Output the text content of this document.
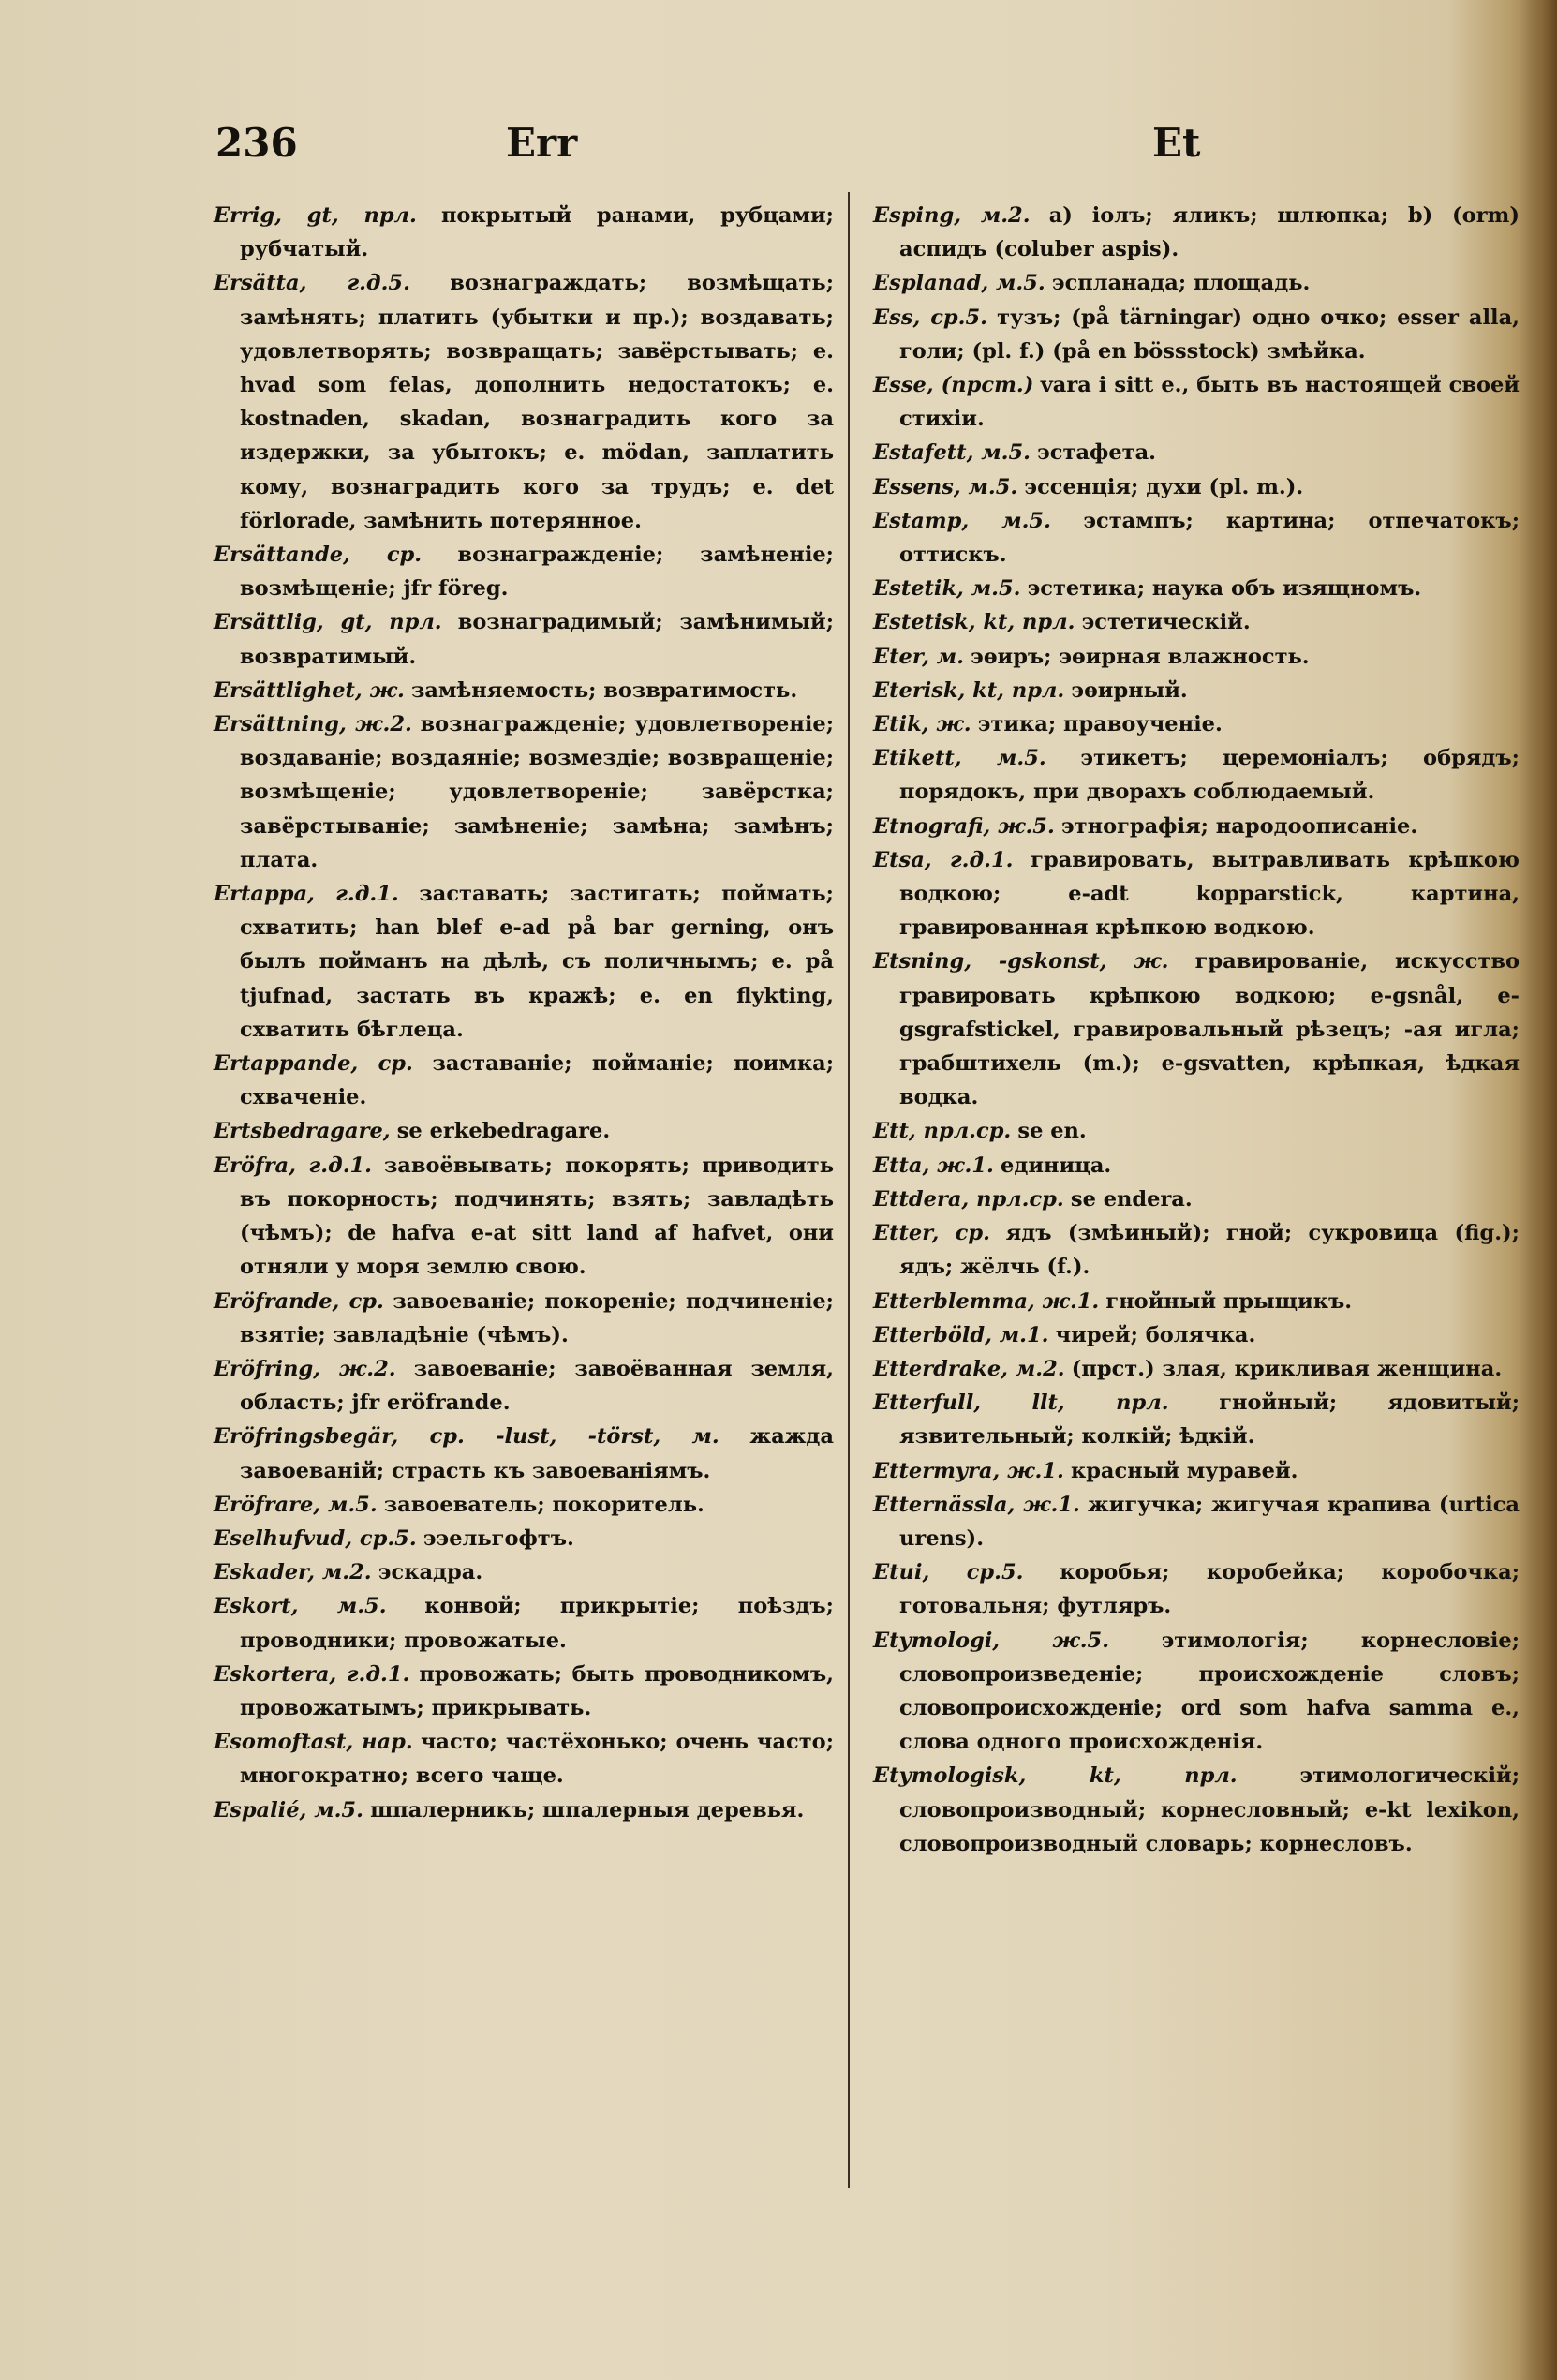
236	Err	Et

Errig, gt, прл. покрытый ранами, рубцами; рубчатый.

Ersätta, г.д.5. вознаграждать; возмѣщать; замѣнять; платить (убытки и пр.); воздавать; удовлетворять; возвращать; завёрстывать; e. hvad som felas, дополнить недостатокъ; e. kostnaden, skadan, вознаградить кого за издержки, за убытокъ; e. mödan, заплатить кому, вознаградить кого за трудъ; e. det förlorade, замѣнить потерянное.

Ersättande, ср. вознагражденіе; замѣненіе; возмѣщеніе; jfr föreg.

Ersättlig, gt, прл. вознаградимый; замѣнимый; возвратимый.

Ersättlighet, ж. замѣняемость; возвратимость.

Ersättning, ж.2. вознагражденіе; удовлетвореніе; воздаваніе; воздаяніе; возмездіе; возвращеніе; возмѣщеніе; удовлетвореніе; завёрстка; завёрстываніе; замѣненіе; замѣна; замѣнъ; плата.

Ertappa, г.д.1. заставать; застигать; поймать; схватить; han blef e-ad på bar gerning, онъ былъ пойманъ на дѣлѣ, съ поличнымъ; e. på tjufnad, застать въ кражѣ; e. en flykting, схватить бѣглеца.

Ertappande, ср. заставаніе; пойманіе; поимка; схваченіе.

Ertsbedragare, se erkebedragare.

Eröfra, г.д.1. завоёвывать; покорять; приводить въ покорность; подчинять; взять; завладѣть (чѣмъ); de hafva e-at sitt land af hafvet, они отняли у моря землю свою.

Eröfrande, ср. завоеваніе; покореніе; подчиненіе; взятіе; завладѣніе (чѣмъ).

Eröfring, ж.2. завоеваніе; завоёванная земля, область; jfr eröfrande.

Eröfringsbegär, ср. -lust, -törst, м. жажда завоеваній; страсть къ завоеваніямъ.

Eröfrare, м.5. завоеватель; покоритель.

Eselhufvud, ср.5. ээельгофтъ.

Eskader, м.2. эскадра.

Eskort, м.5. конвой; прикрытіе; поѣздъ; проводники; провожатые.

Eskortera, г.д.1. провожать; быть проводникомъ, провожатымъ; прикрывать.

Esomoftast, нар. часто; частёхонько; очень часто; многократно; всего чаще.

Espalié, м.5. шпалерникъ; шпалерныя деревья.

Esping, м.2. a) іолъ; яликъ; шлюпка; b) (orm) аспидъ (coluber aspis).

Esplanad, м.5. эспланада; площадь.

Ess, ср.5. тузъ; (på tärningar) одно очко; esser alla, голи; (pl. f.) (på en bössstock) змѣйка.

Esse, (прст.) vara i sitt e., быть въ настоящей своей стихіи.

Estafett, м.5. эстафета.

Essens, м.5. эссенція; духи (pl. m.).

Estamp, м.5. эстампъ; картина; отпечатокъ; оттискъ.

Estetik, м.5. эстетика; наука объ изящномъ.

Estetisk, kt, прл. эстетическій.

Eter, м. эѳиръ; эѳирная влажность.

Eterisk, kt, прл. эѳирный.

Etik, ж. этика; правоученіе.

Etikett, м.5. этикетъ; церемоніалъ; обрядъ; порядокъ, при дворахъ соблюдаемый.

Etnografi, ж.5. этнографія; народоописаніе.

Etsa, г.д.1. гравировать, вытравливать крѣпкою водкою; e-adt kopparstick, картина, гравированная крѣпкою водкою.

Etsning, -gskonst, ж. гравированіе, искусство гравировать крѣпкою водкою; e-gsnål, e-gsgrafstickel, гравировальный рѣзецъ; -ая игла; грабштихель (m.); e-gsvatten, крѣпкая, ѣдкая водка.

Ett, прл.ср. se en.

Etta, ж.1. единица.

Ettdera, прл.ср. se endera.

Etter, ср. ядъ (змѣиный); гной; сукровица (fig.); ядъ; жёлчь (f.).

Etterblemma, ж.1. гнойный прыщикъ.

Etterböld, м.1. чирей; болячка.

Etterdrake, м.2. (прст.) злая, крикливая женщина.

Etterfull, llt, прл. гнойный; ядовитый; язвительный; колкій; ѣдкій.

Ettermyra, ж.1. красный муравей.

Etternässla, ж.1. жигучка; жигучая крапива (urtica urens).

Etui, ср.5. коробья; коробейка; коробочка; готовальня; футляръ.

Etymologi, ж.5. этимологія; корнесловіе; словопроизведеніе; происхожденіе словъ; словопроисхожденіе; ord som hafva samma e., слова одного происхожденія.

Etymologisk, kt, прл.	этимологическій; словопроизводный; корнесловный; e-kt lexikon, словопроизводный словарь; корнесловъ.
